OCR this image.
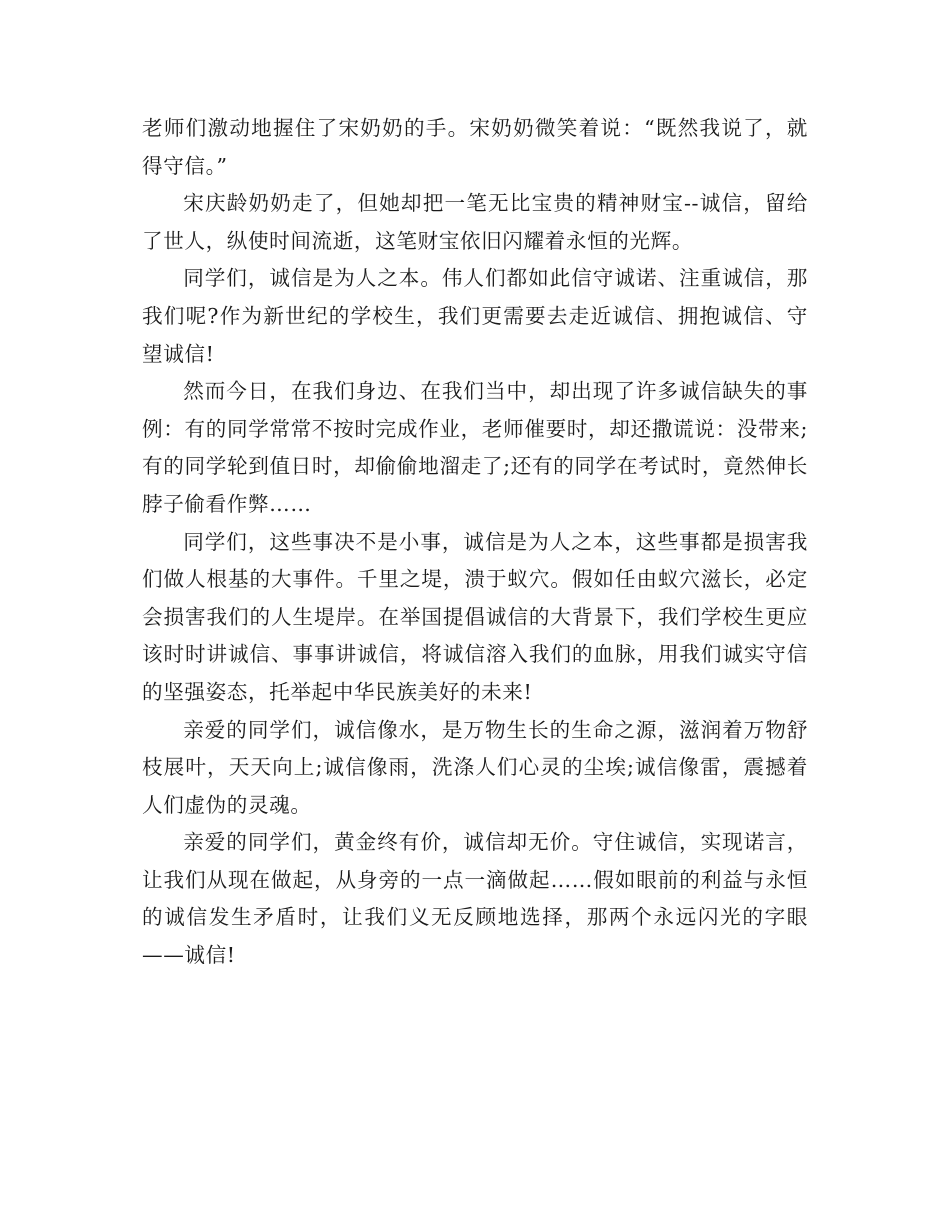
老师们激动地握住了宋奶奶的手。宋奶奶微笑着说：“既然我说了，就得守信。”

宋庆龄奶奶走了，但她却把一笔无比宝贵的精神财宝--诚信，留给了世人，纵使时间流逝，这笔财宝依旧闪耀着永恒的光辉。

同学们，诚信是为人之本。伟人们都如此信守诚诺、注重诚信，那我们呢?作为新世纪的学校生，我们更需要去走近诚信、拥抱诚信、守望诚信!

然而今日，在我们身边、在我们当中，却出现了许多诚信缺失的事例：有的同学常常不按时完成作业，老师催要时，却还撒谎说：没带来;有的同学轮到值日时，却偷偷地溜走了;还有的同学在考试时，竟然伸长脖子偷看作弊……

同学们，这些事决不是小事，诚信是为人之本，这些事都是损害我们做人根基的大事件。千里之堤，溃于蚁穴。假如任由蚁穴滋长，必定会损害我们的人生堤岸。在举国提倡诚信的大背景下，我们学校生更应该时时讲诚信、事事讲诚信，将诚信溶入我们的血脉，用我们诚实守信的坚强姿态，托举起中华民族美好的未来!

亲爱的同学们，诚信像水，是万物生长的生命之源，滋润着万物舒枝展叶，天天向上;诚信像雨，洗涤人们心灵的尘埃;诚信像雷，震撼着人们虚伪的灵魂。

亲爱的同学们，黄金终有价，诚信却无价。守住诚信，实现诺言，让我们从现在做起，从身旁的一点一滴做起……假如眼前的利益与永恒的诚信发生矛盾时，让我们义无反顾地选择，那两个永远闪光的字眼——诚信!
